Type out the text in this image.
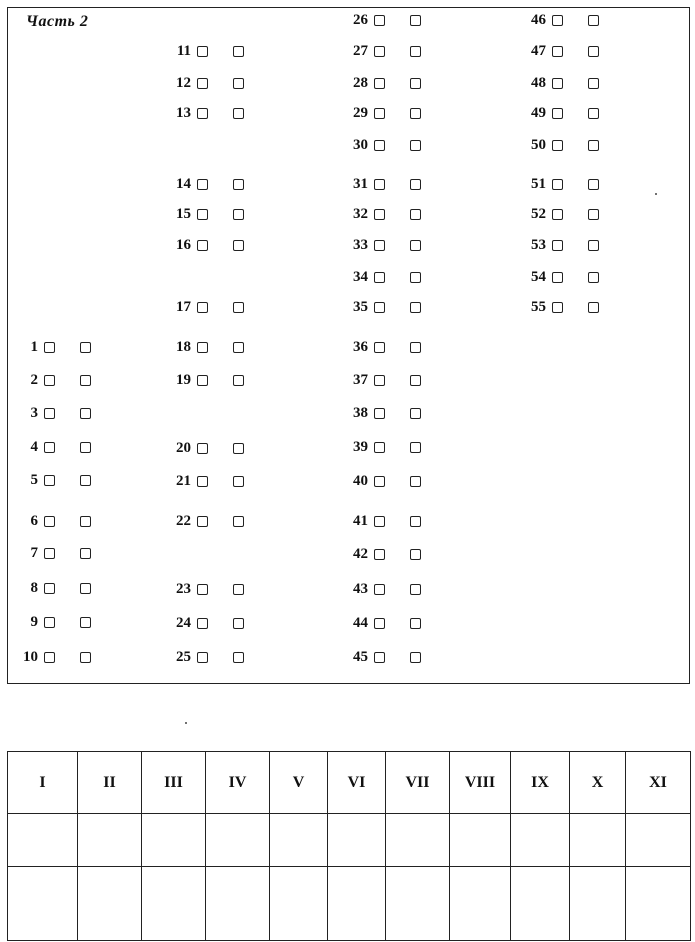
Часть 2
1
2
3
4
5
6
7
8
9
10
11
12
13
14
15
16
17
18
19
20
21
22
23
24
25
26
27
28
29
30
31
32
33
34
35
36
37
38
39
40
41
42
43
44
45
46
47
48
49
50
51
52
53
54
55
I	II	III	IV	V	VI	VII	VIII	IX	X	XI
